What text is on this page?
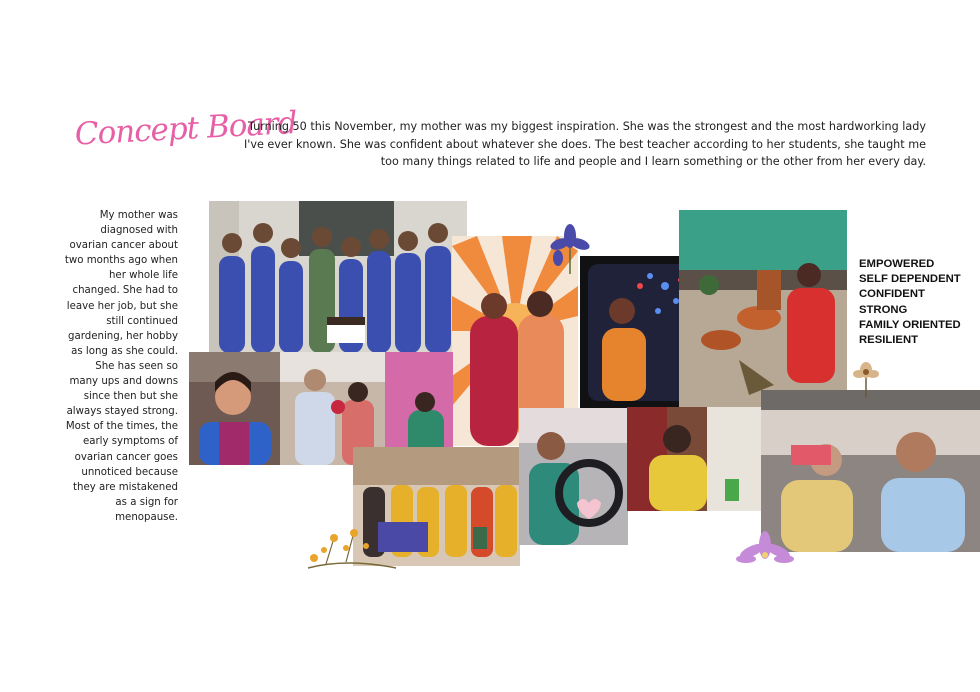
Concept Board
Turning 50 this November, my mother was my biggest inspiration. She was the strongest and the most hardworking lady I've ever known. She was confident about whatever she does. The best teacher according to her students, she taught me too many things related to life and people and I learn something or the other from her every day.
My mother was diagnosed with ovarian cancer about two months ago when her whole life changed. She had to leave her job, but she still continued gardening, her hobby as long as she could. She has seen so many ups and downs since then but she always stayed strong. Most of the times, the early symptoms of ovarian cancer goes unnoticed because they are mistakened as a sign for menopause.
EMPOWERED
SELF DEPENDENT
CONFIDENT
STRONG
FAMILY ORIENTED
RESILIENT
